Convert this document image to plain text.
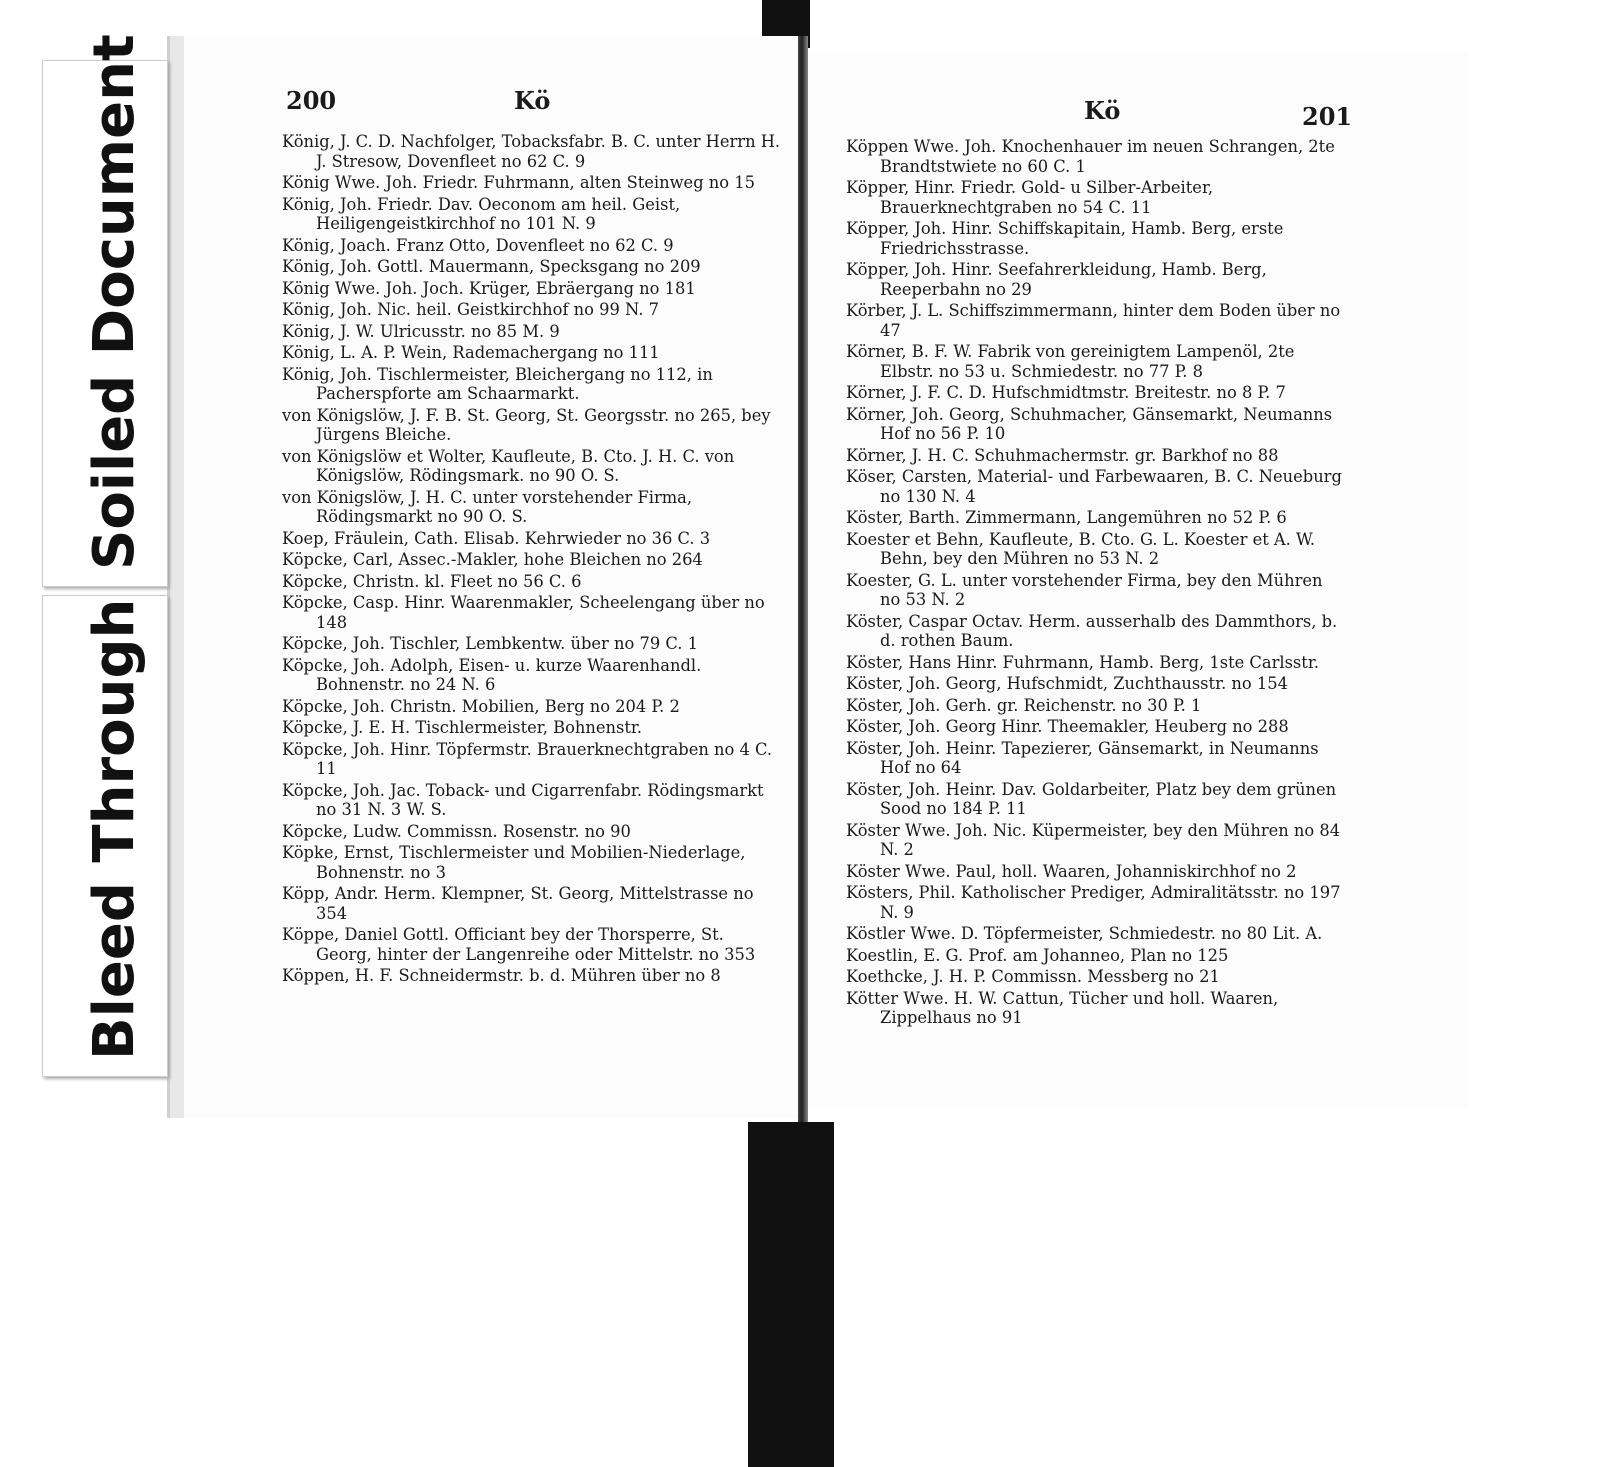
Soiled Document
Bleed Through
200	Kö
König, J. C. D. Nachfolger, Tobacksfabr. B. C. unter Herrn H. J. Stresow, Dovenfleet no 62 C. 9
König Wwe. Joh. Friedr. Fuhrmann, alten Steinweg no 15
König, Joh. Friedr. Dav. Oeconom am heil. Geist, Heiligengeistkirchhof no 101 N. 9
König, Joach. Franz Otto, Dovenfleet no 62 C. 9
König, Joh. Gottl. Mauermann, Specksgang no 209
König Wwe. Joh. Joch. Krüger, Ebräergang no 181
König, Joh. Nic. heil. Geistkirchhof no 99 N. 7
König, J. W. Ulricusstr. no 85 M. 9
König, L. A. P. Wein, Rademachergang no 111
König, Joh. Tischlermeister, Bleichergang no 112, in Pacherspforte am Schaarmarkt.
von Königslöw, J. F. B. St. Georg, St. Georgsstr. no 265, bey Jürgens Bleiche.
von Königslöw et Wolter, Kaufleute, B. Cto. J. H. C. von Königslöw, Rödingsmark. no 90 O. S.
von Königslöw, J. H. C. unter vorstehender Firma, Rödingsmarkt no 90 O. S.
Koep, Fräulein, Cath. Elisab. Kehrwieder no 36 C. 3
Köpcke, Carl, Assec.-Makler, hohe Bleichen no 264
Köpcke, Christn. kl. Fleet no 56 C. 6
Köpcke, Casp. Hinr. Waarenmakler, Scheelengang über no 148
Köpcke, Joh. Tischler, Lembkentw. über no 79 C. 1
Köpcke, Joh. Adolph, Eisen- u. kurze Waarenhandl. Bohnenstr. no 24 N. 6
Köpcke, Joh. Christn. Mobilien, Berg no 204 P. 2
Köpcke, J. E. H. Tischlermeister, Bohnenstr.
Köpcke, Joh. Hinr. Töpfermstr. Brauerknechtgraben no 4 C. 11
Köpcke, Joh. Jac. Toback- und Cigarrenfabr. Rödingsmarkt no 31 N. 3 W. S.
Köpcke, Ludw. Commissn. Rosenstr. no 90
Köpke, Ernst, Tischlermeister und Mobilien-Niederlage, Bohnenstr. no 3
Köpp, Andr. Herm. Klempner, St. Georg, Mittelstrasse no 354
Köppe, Daniel Gottl. Officiant bey der Thorsperre, St. Georg, hinter der Langenreihe oder Mittelstr. no 353
Köppen, H. F. Schneidermstr. b. d. Mühren über no 8
Kö	201
Köppen Wwe. Joh. Knochenhauer im neuen Schrangen, 2te Brandtstwiete no 60 C. 1
Köpper, Hinr. Friedr. Gold- u Silber-Arbeiter, Brauerknechtgraben no 54 C. 11
Köpper, Joh. Hinr. Schiffskapitain, Hamb. Berg, erste Friedrichsstrasse.
Köpper, Joh. Hinr. Seefahrerkleidung, Hamb. Berg, Reeperbahn no 29
Körber, J. L. Schiffszimmermann, hinter dem Boden über no 47
Körner, B. F. W. Fabrik von gereinigtem Lampenöl, 2te Elbstr. no 53 u. Schmiedestr. no 77 P. 8
Körner, J. F. C. D. Hufschmidtmstr. Breitestr. no 8 P. 7
Körner, Joh. Georg, Schuhmacher, Gänsemarkt, Neumanns Hof no 56 P. 10
Körner, J. H. C. Schuhmachermstr. gr. Barkhof no 88
Köser, Carsten, Material- und Farbewaaren, B. C. Neueburg no 130 N. 4
Köster, Barth. Zimmermann, Langemühren no 52 P. 6
Koester et Behn, Kaufleute, B. Cto. G. L. Koester et A. W. Behn, bey den Mühren no 53 N. 2
Koester, G. L. unter vorstehender Firma, bey den Mühren no 53 N. 2
Köster, Caspar Octav. Herm. ausserhalb des Dammthors, b. d. rothen Baum.
Köster, Hans Hinr. Fuhrmann, Hamb. Berg, 1ste Carlsstr.
Köster, Joh. Georg, Hufschmidt, Zuchthausstr. no 154
Köster, Joh. Gerh. gr. Reichenstr. no 30 P. 1
Köster, Joh. Georg Hinr. Theemakler, Heuberg no 288
Köster, Joh. Heinr. Tapezierer, Gänsemarkt, in Neumanns Hof no 64
Köster, Joh. Heinr. Dav. Goldarbeiter, Platz bey dem grünen Sood no 184 P. 11
Köster Wwe. Joh. Nic. Küpermeister, bey den Mühren no 84 N. 2
Köster Wwe. Paul, holl. Waaren, Johanniskirchhof no 2
Kösters, Phil. Katholischer Prediger, Admiralitätsstr. no 197 N. 9
Köstler Wwe. D. Töpfermeister, Schmiedestr. no 80 Lit. A.
Koestlin, E. G. Prof. am Johanneo, Plan no 125
Koethcke, J. H. P. Commissn. Messberg no 21
Kötter Wwe. H. W. Cattun, Tücher und holl. Waaren, Zippelhaus no 91
